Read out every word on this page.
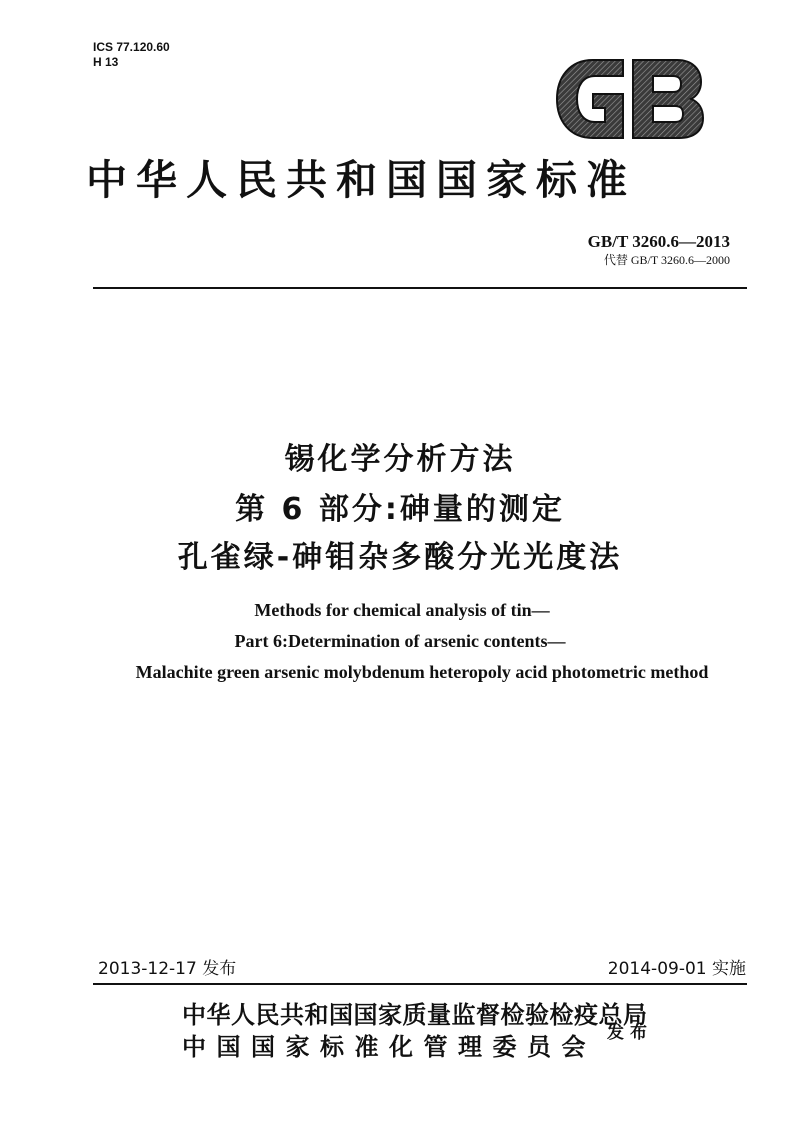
ICS 77.120.60
H 13
中华人民共和国国家标准
GB/T 3260.6—2013
代替 GB/T 3260.6—2000
锡化学分析方法
第 6 部分:砷量的测定
孔雀绿-砷钼杂多酸分光光度法
Methods for chemical analysis of tin—
Part 6:Determination of arsenic contents—
Malachite green arsenic molybdenum heteropoly acid photometric method
2013-12-17 发布	2014-09-01 实施
中华人民共和国国家质量监督检验检疫总局
中国国家标准化管理委员会 发布
